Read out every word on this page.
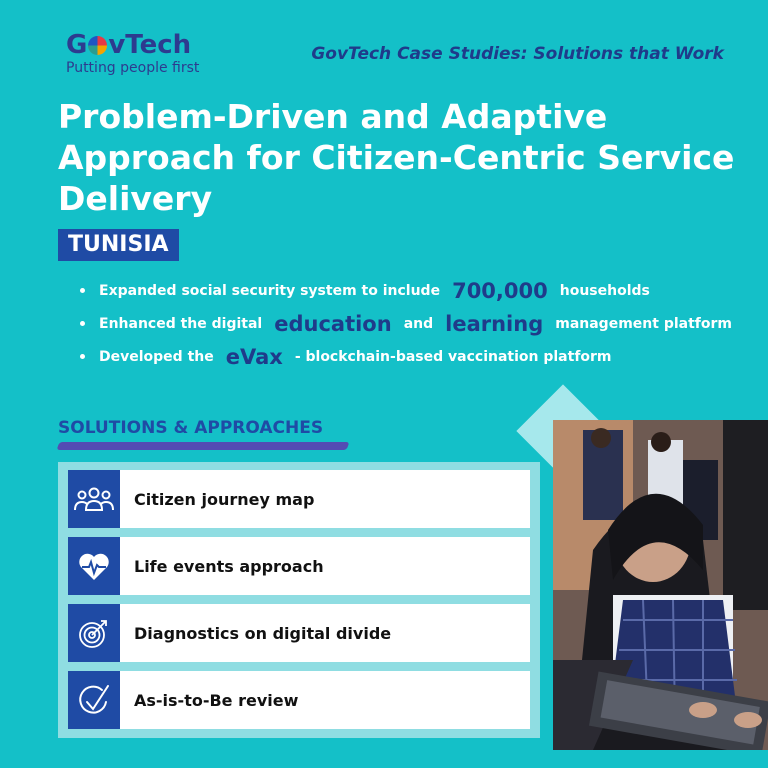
G vTech
Putting people first
GovTech Case Studies: Solutions that Work
Problem-Driven and Adaptive Approach for Citizen-Centric Service Delivery
TUNISIA
Expanded social security system to include 700,000 households
Enhanced the digital education and learning management platform
Developed the eVax - blockchain-based vaccination platform
SOLUTIONS & APPROACHES
Citizen journey map
Life events approach
Diagnostics on digital divide
As-is-to-Be review
